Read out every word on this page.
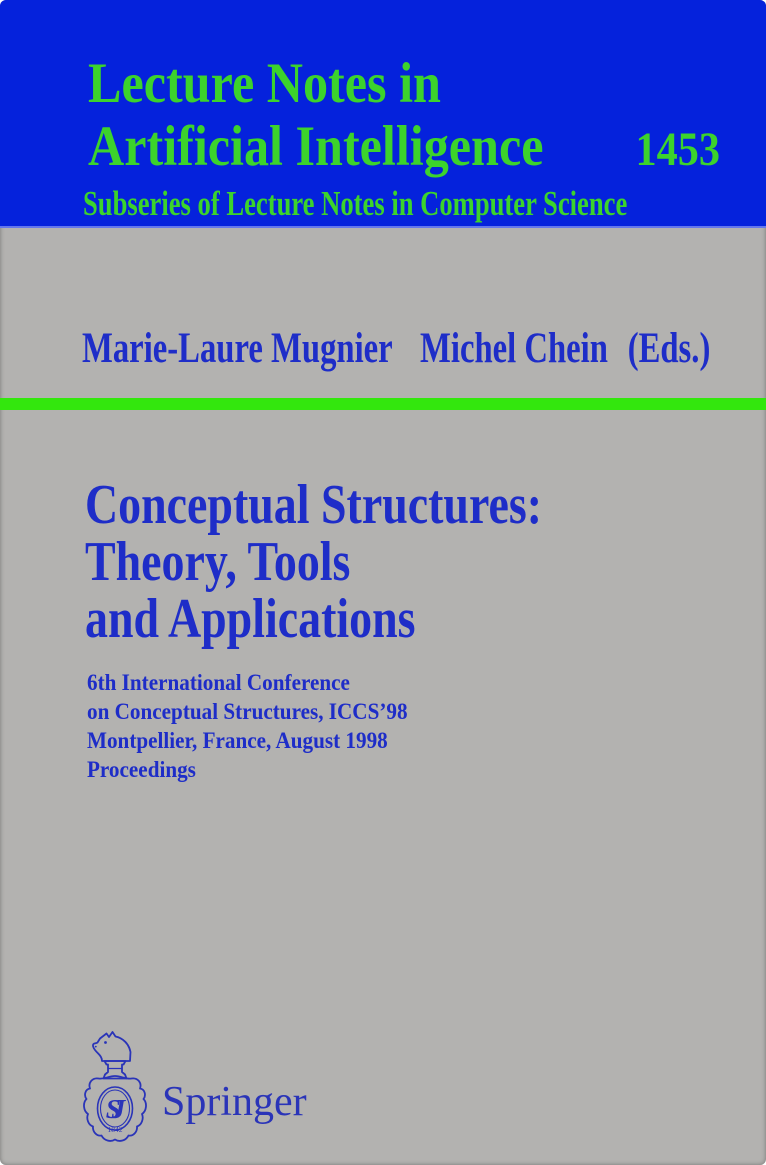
Lecture Notes in
Artificial Intelligence 1453
Subseries of Lecture Notes in Computer Science
Marie-Laure Mugnier Michel Chein (Eds.)
Conceptual Structures:
Theory, Tools
and Applications
6th International Conference
on Conceptual Structures, ICCS’98
Montpellier, France, August 1998
Proceedings
SJ
1842
Springer
